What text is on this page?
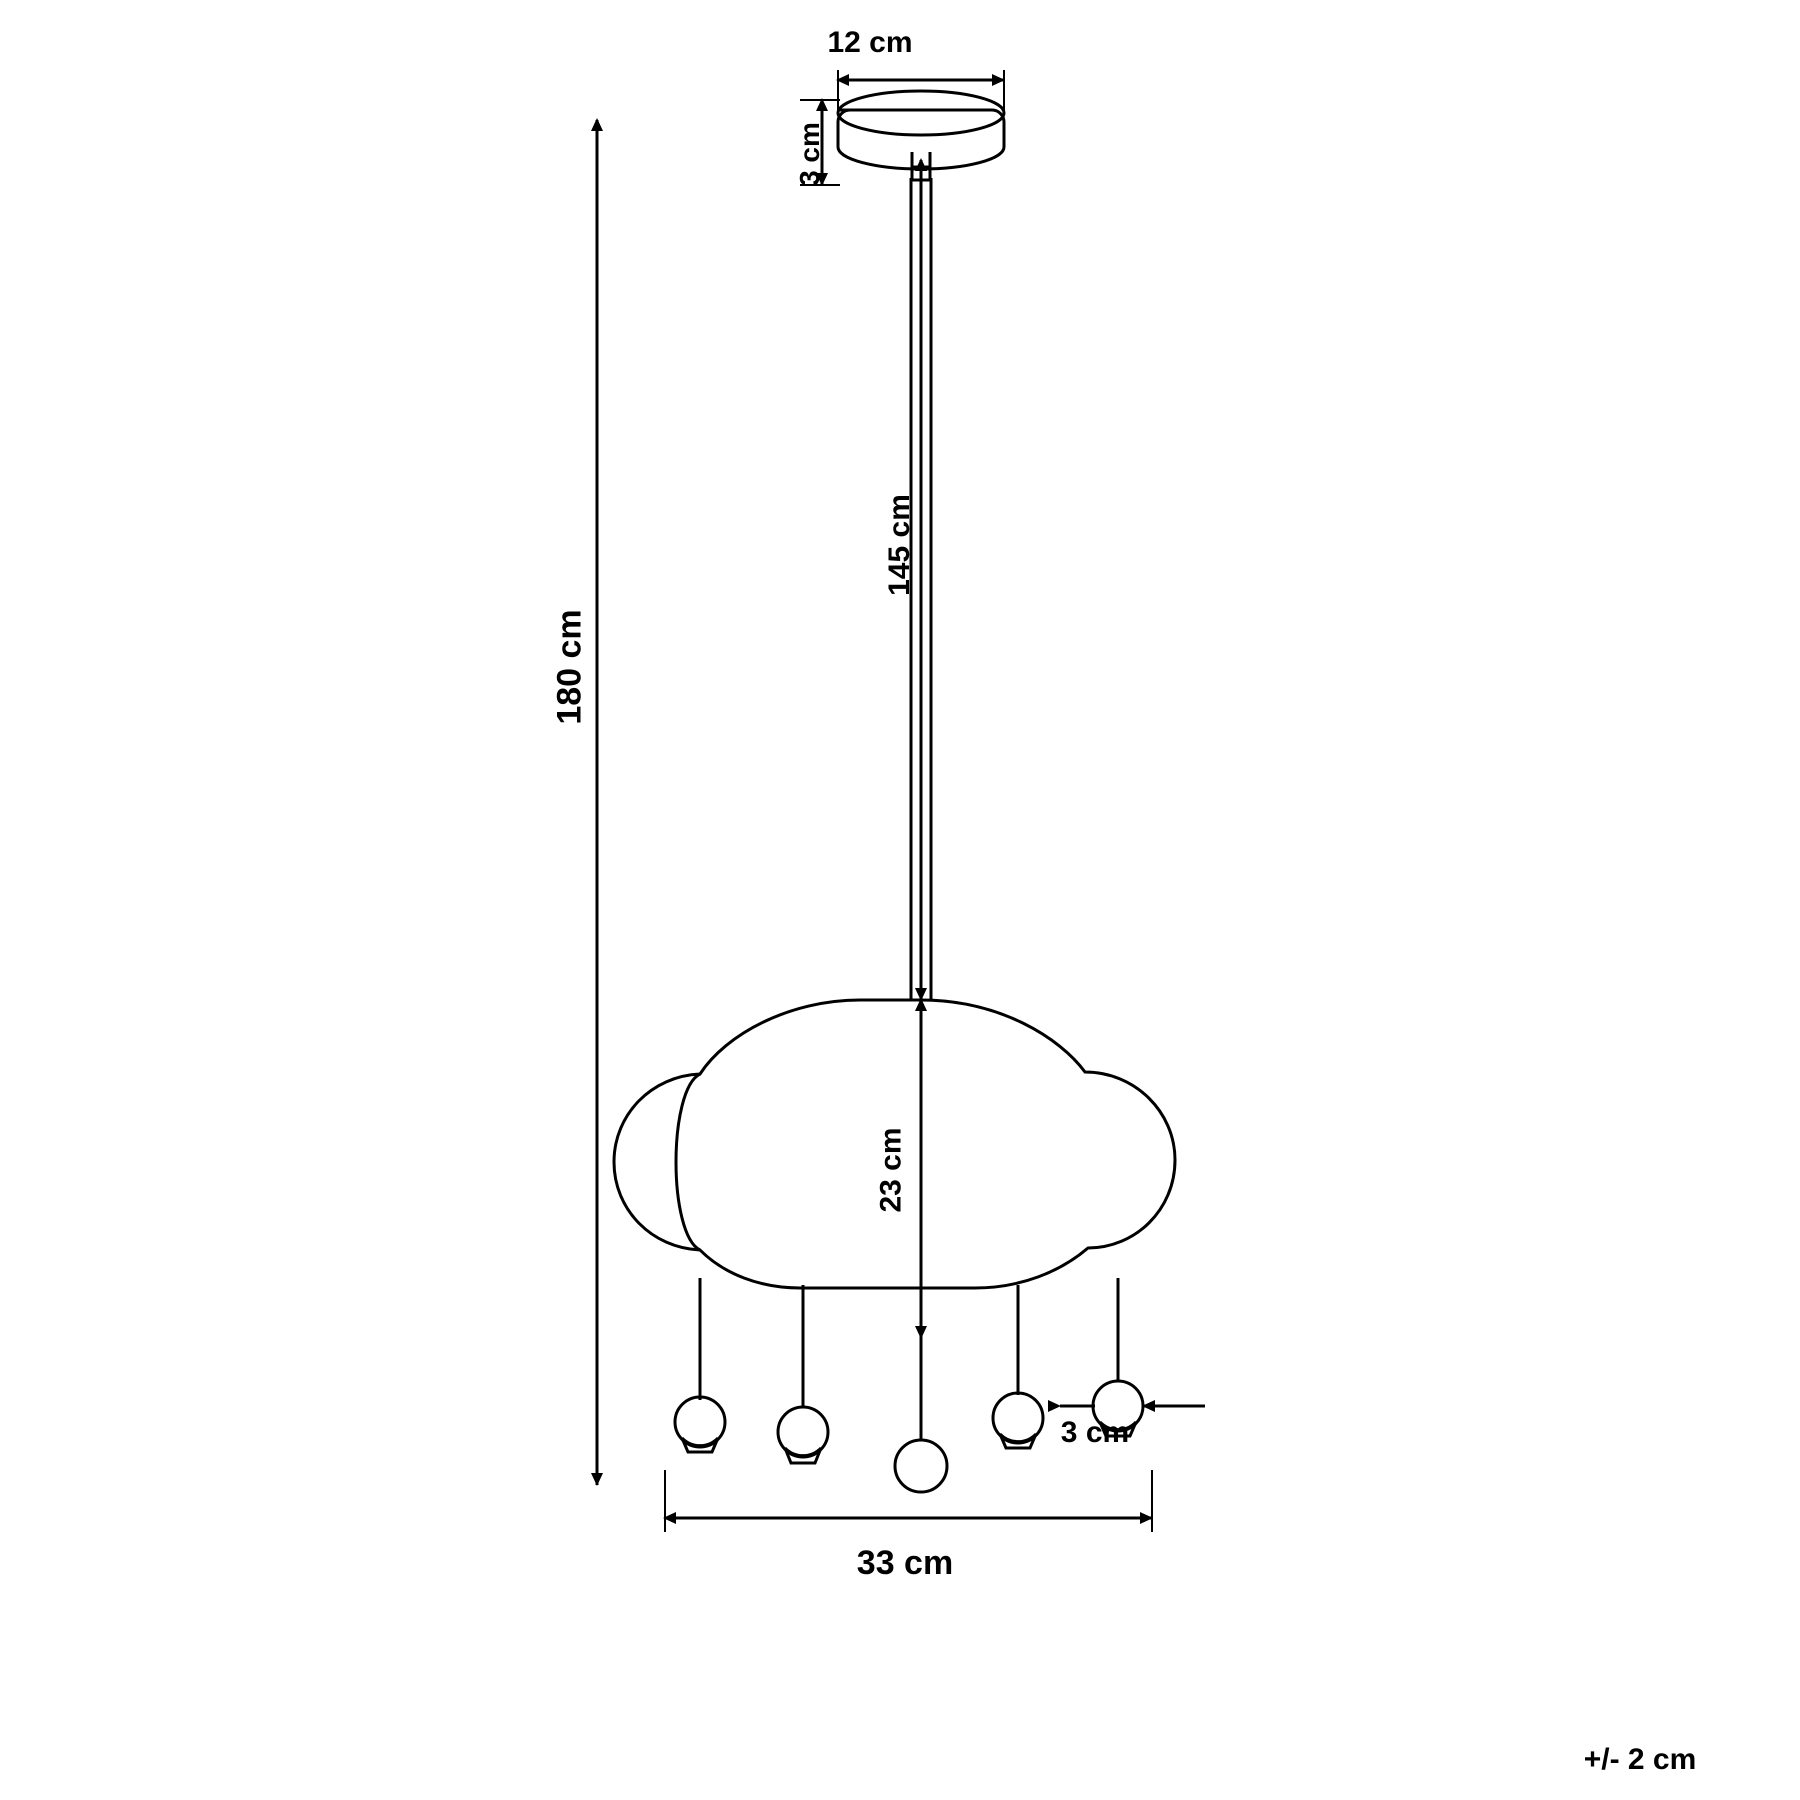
180 cm
145 cm
23 cm
12 cm
3 cm
3 cm
33 cm
+/- 2 cm
